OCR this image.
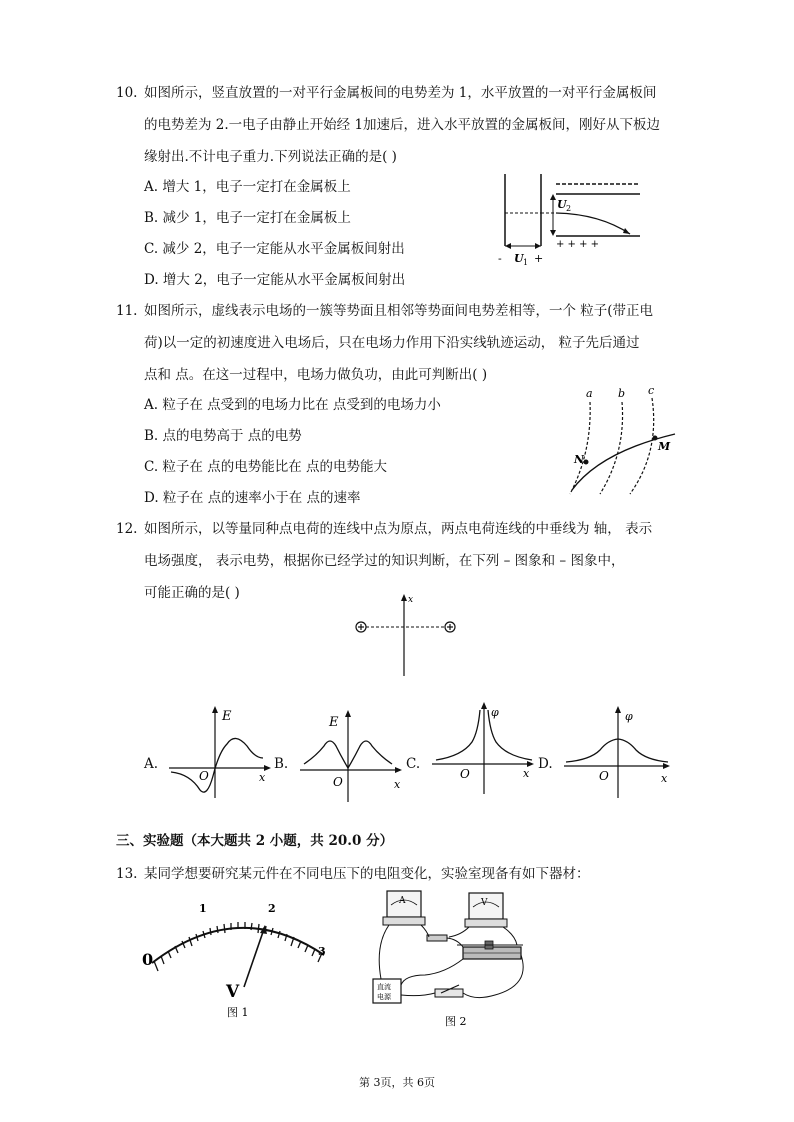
10. 如图所示，竖直放置的一对平行金属板间的电势差为 1，水平放置的一对平行金属板间
的电势差为 2.一电子由静止开始经 1加速后，进入水平放置的金属板间，刚好从下板边
缘射出.不计电子重力.下列说法正确的是( )
A. 增大 1，电子一定打在金属板上
B. 减少 1，电子一定打在金属板上
C. 减少 2，电子一定能从水平金属板间射出
D. 增大 2，电子一定能从水平金属板间射出
U 2
+ + + +
- U 1 +
11. 如图所示，虚线表示电场的一簇等势面且相邻等势面间电势差相等，一个 粒子(带正电
荷)以一定的初速度进入电场后，只在电场力作用下沿实线轨迹运动， 粒子先后通过
点和 点。在这一过程中，电场力做负功，由此可判断出( )
A. 粒子在 点受到的电场力比在 点受到的电场力小
B. 点的电势高于 点的电势
C. 粒子在 点的电势能比在 点的电势能大
D. 粒子在 点的速率小于在 点的速率
a b c
N
M
12. 如图所示，以等量同种点电荷的连线中点为原点，两点电荷连线的中垂线为 轴， 表示
电场强度， 表示电势，根据你已经学过的知识判断，在下列 – 图象和 – 图象中，
可能正确的是( )	x
A.	B.	C.	D.
E
O	x
E
O	x
φ
O	x
φ
O	x
三、实验题（本大题共 2 小题，共 20.0 分）
13. 某同学想要研究某元件在不同电压下的电阻变化，实验室现备有如下器材：
0
1	2
3
V
图 1
A	V
直流
电源
图 2
第 3页，共 6页
